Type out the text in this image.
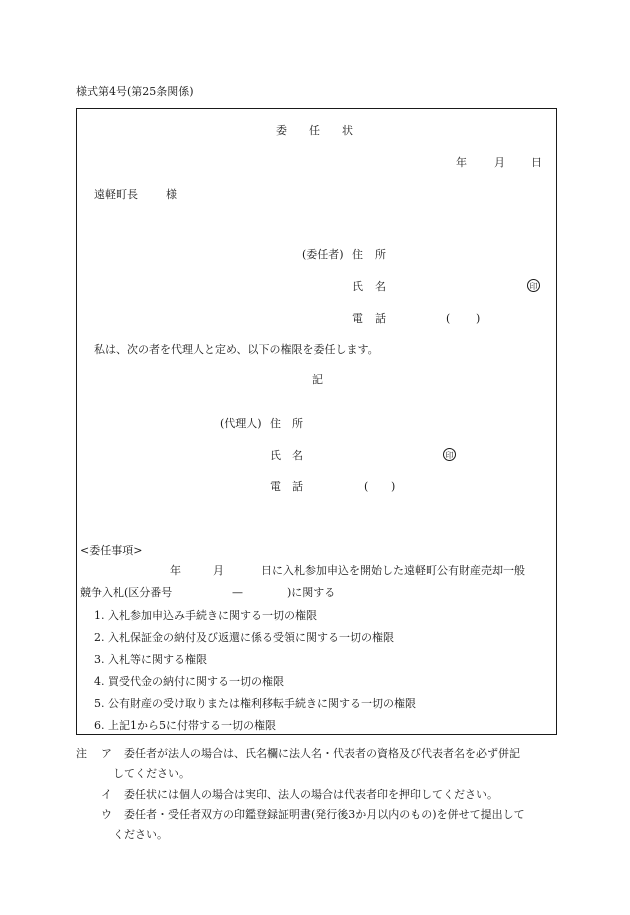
様式第4号(第25条関係)
委 任 状
年 月 日
遠軽町長	様
(委任者) 住 所
氏 名	印
電 話	( )
私は、次の者を代理人と定め、以下の権限を委任します。
記
(代理人) 住 所
氏 名	印
電 話	( )
<委任事項>
年	月	日に入札参加申込を開始した遠軽町公有財産売却一般
競争入札(区分番号	—	)に関する
1. 入札参加申込み手続きに関する一切の権限
2. 入札保証金の納付及び返還に係る受領に関する一切の権限
3. 入札等に関する権限
4. 買受代金の納付に関する一切の権限
5. 公有財産の受け取りまたは権利移転手続きに関する一切の権限
6. 上記1から5に付帯する一切の権限
注 ア 委任者が法人の場合は、氏名欄に法人名・代表者の資格及び代表者名を必ず併記
してください。
イ 委任状には個人の場合は実印、法人の場合は代表者印を押印してください。
ウ 委任者・受任者双方の印鑑登録証明書(発行後3か月以内のもの)を併せて提出して
ください。
